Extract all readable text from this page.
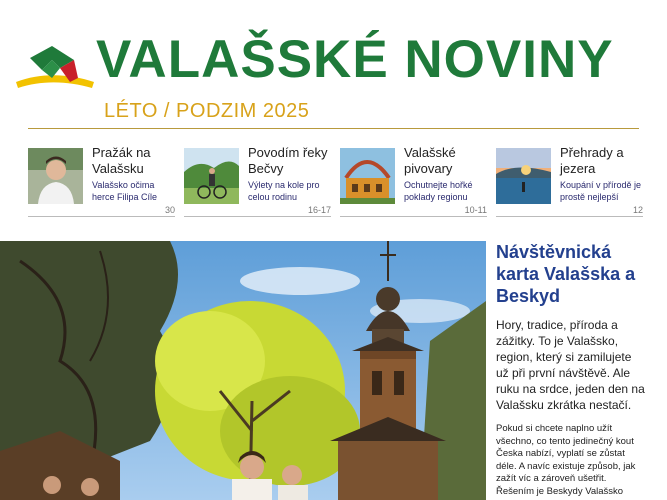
VALAŠSKÉ NOVINY
LÉTO / PODZIM 2025
Pražák na Valašsku
Valašsko očima herce Filipa Cíle
30
Povodím řeky Bečvy
Výlety na kole pro celou rodinu
16-17
Valašské pivovary
Ochutnejte hořké poklady regionu
10-11
Přehrady a jezera
Koupání v přírodě je prostě nejlepší
12
Návštěvnická karta Valašska a Beskyd
Hory, tradice, příroda a zážitky. To je Valašsko, region, který si zamilujete už při první návštěvě. Ale ruku na srdce, jeden den na Valašsku zkrátka nestačí.
Pokud si chcete naplno užít všechno, co tento jedinečný kout Česka nabízí, vyplatí se zůstat déle. A navíc existuje způsob, jak zažít víc a zároveň ušetřit. Řešením je Beskydy Valašsko
